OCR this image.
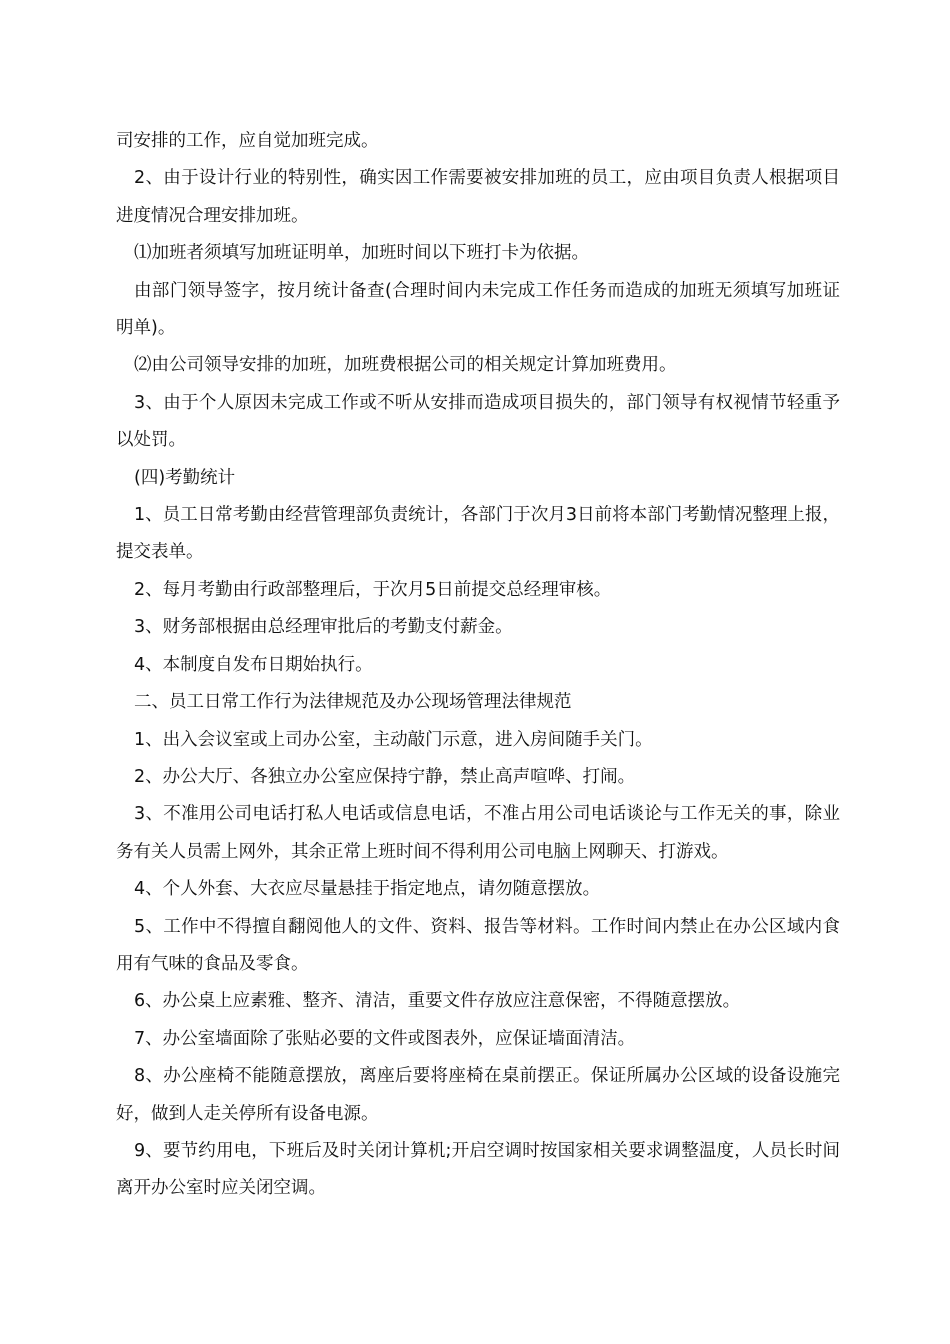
司安排的工作，应自觉加班完成。

2、由于设计行业的特别性，确实因工作需要被安排加班的员工，应由项目负责人根据项目进度情况合理安排加班。

⑴加班者须填写加班证明单，加班时间以下班打卡为依据。

由部门领导签字，按月统计备查(合理时间内未完成工作任务而造成的加班无须填写加班证明单)。

⑵由公司领导安排的加班，加班费根据公司的相关规定计算加班费用。

3、由于个人原因未完成工作或不听从安排而造成项目损失的，部门领导有权视情节轻重予以处罚。

(四)考勤统计

1、员工日常考勤由经营管理部负责统计，各部门于次月3日前将本部门考勤情况整理上报，提交表单。

2、每月考勤由行政部整理后，于次月5日前提交总经理审核。

3、财务部根据由总经理审批后的考勤支付薪金。

4、本制度自发布日期始执行。

二、员工日常工作行为法律规范及办公现场管理法律规范

1、出入会议室或上司办公室，主动敲门示意，进入房间随手关门。

2、办公大厅、各独立办公室应保持宁静，禁止高声喧哗、打闹。

3、不准用公司电话打私人电话或信息电话，不准占用公司电话谈论与工作无关的事，除业务有关人员需上网外，其余正常上班时间不得利用公司电脑上网聊天、打游戏。

4、个人外套、大衣应尽量悬挂于指定地点，请勿随意摆放。

5、工作中不得擅自翻阅他人的文件、资料、报告等材料。工作时间内禁止在办公区域内食用有气味的食品及零食。

6、办公桌上应素雅、整齐、清洁，重要文件存放应注意保密，不得随意摆放。

7、办公室墙面除了张贴必要的文件或图表外，应保证墙面清洁。

8、办公座椅不能随意摆放，离座后要将座椅在桌前摆正。保证所属办公区域的设备设施完好，做到人走关停所有设备电源。

9、要节约用电，下班后及时关闭计算机;开启空调时按国家相关要求调整温度，人员长时间离开办公室时应关闭空调。
